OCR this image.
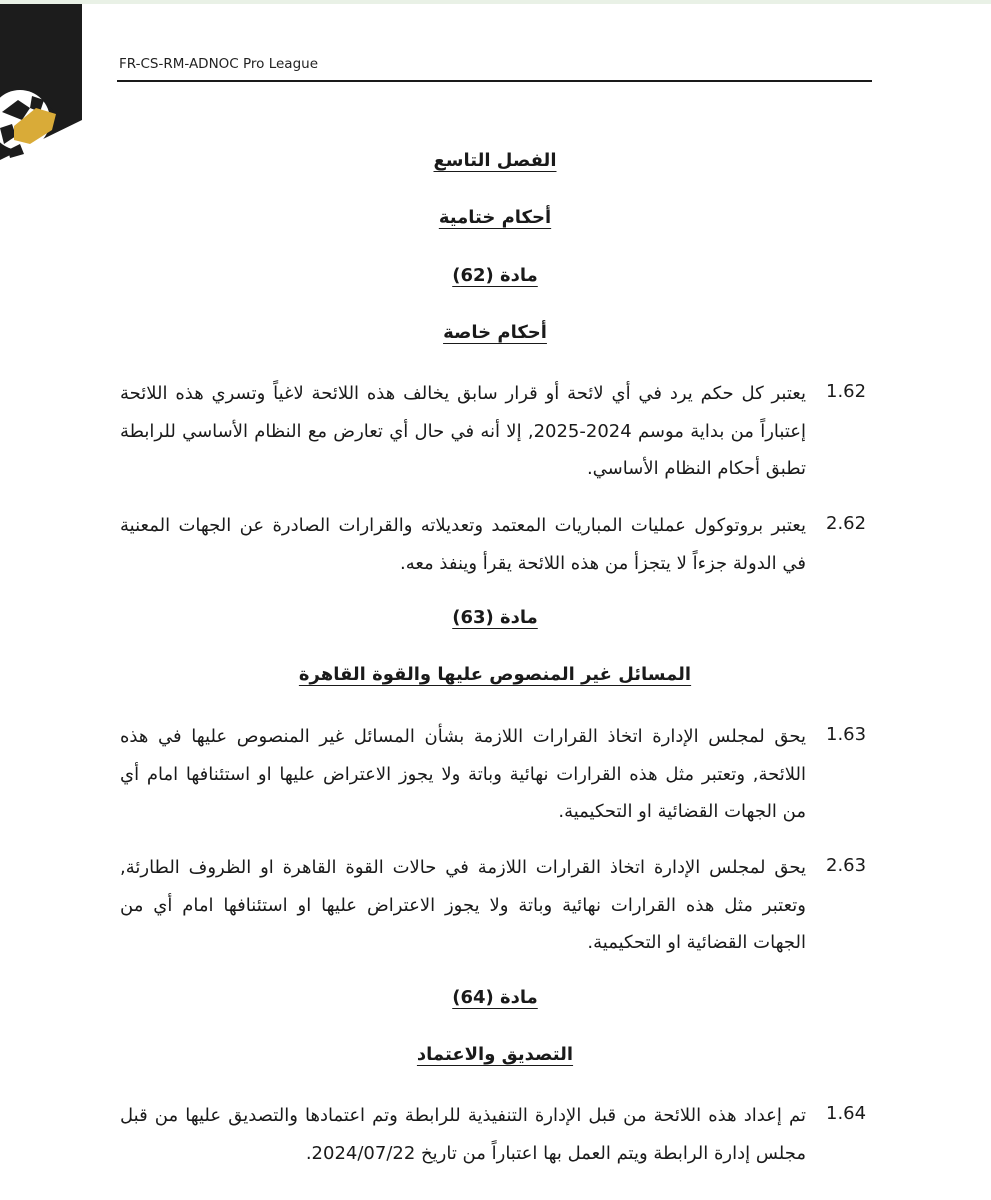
FR-CS-RM-ADNOC Pro League
الفصل التاسع
أحكام ختامية
مادة (62)
أحكام خاصة
1.62
يعتبر كل حكم يرد في أي لائحة أو قرار سابق يخالف هذه اللائحة لاغياً وتسري هذه اللائحة إعتباراً من بداية موسم 2024-2025, إلا أنه في حال أي تعارض مع النظام الأساسي للرابطة تطبق أحكام النظام الأساسي.
2.62
يعتبر بروتوكول عمليات المباريات المعتمد وتعديلاته والقرارات الصادرة عن الجهات المعنية في الدولة جزءاً لا يتجزأ من هذه اللائحة يقرأ وينفذ معه.
مادة (63)
المسائل غير المنصوص عليها والقوة القاهرة
1.63
يحق لمجلس الإدارة اتخاذ القرارات اللازمة بشأن المسائل غير المنصوص عليها في هذه اللائحة, وتعتبر مثل هذه القرارات نهائية وباتة ولا يجوز الاعتراض عليها او استئنافها امام أي من الجهات القضائية او التحكيمية.
2.63
يحق لمجلس الإدارة اتخاذ القرارات اللازمة في حالات القوة القاهرة او الظروف الطارئة, وتعتبر مثل هذه القرارات نهائية وباتة ولا يجوز الاعتراض عليها او استئنافها امام أي من الجهات القضائية او التحكيمية.
مادة (64)
التصديق والاعتماد
1.64
تم إعداد هذه اللائحة من قبل الإدارة التنفيذية للرابطة وتم اعتمادها والتصديق عليها من قبل مجلس إدارة الرابطة ويتم العمل بها اعتباراً من تاريخ 2024/07/22.
